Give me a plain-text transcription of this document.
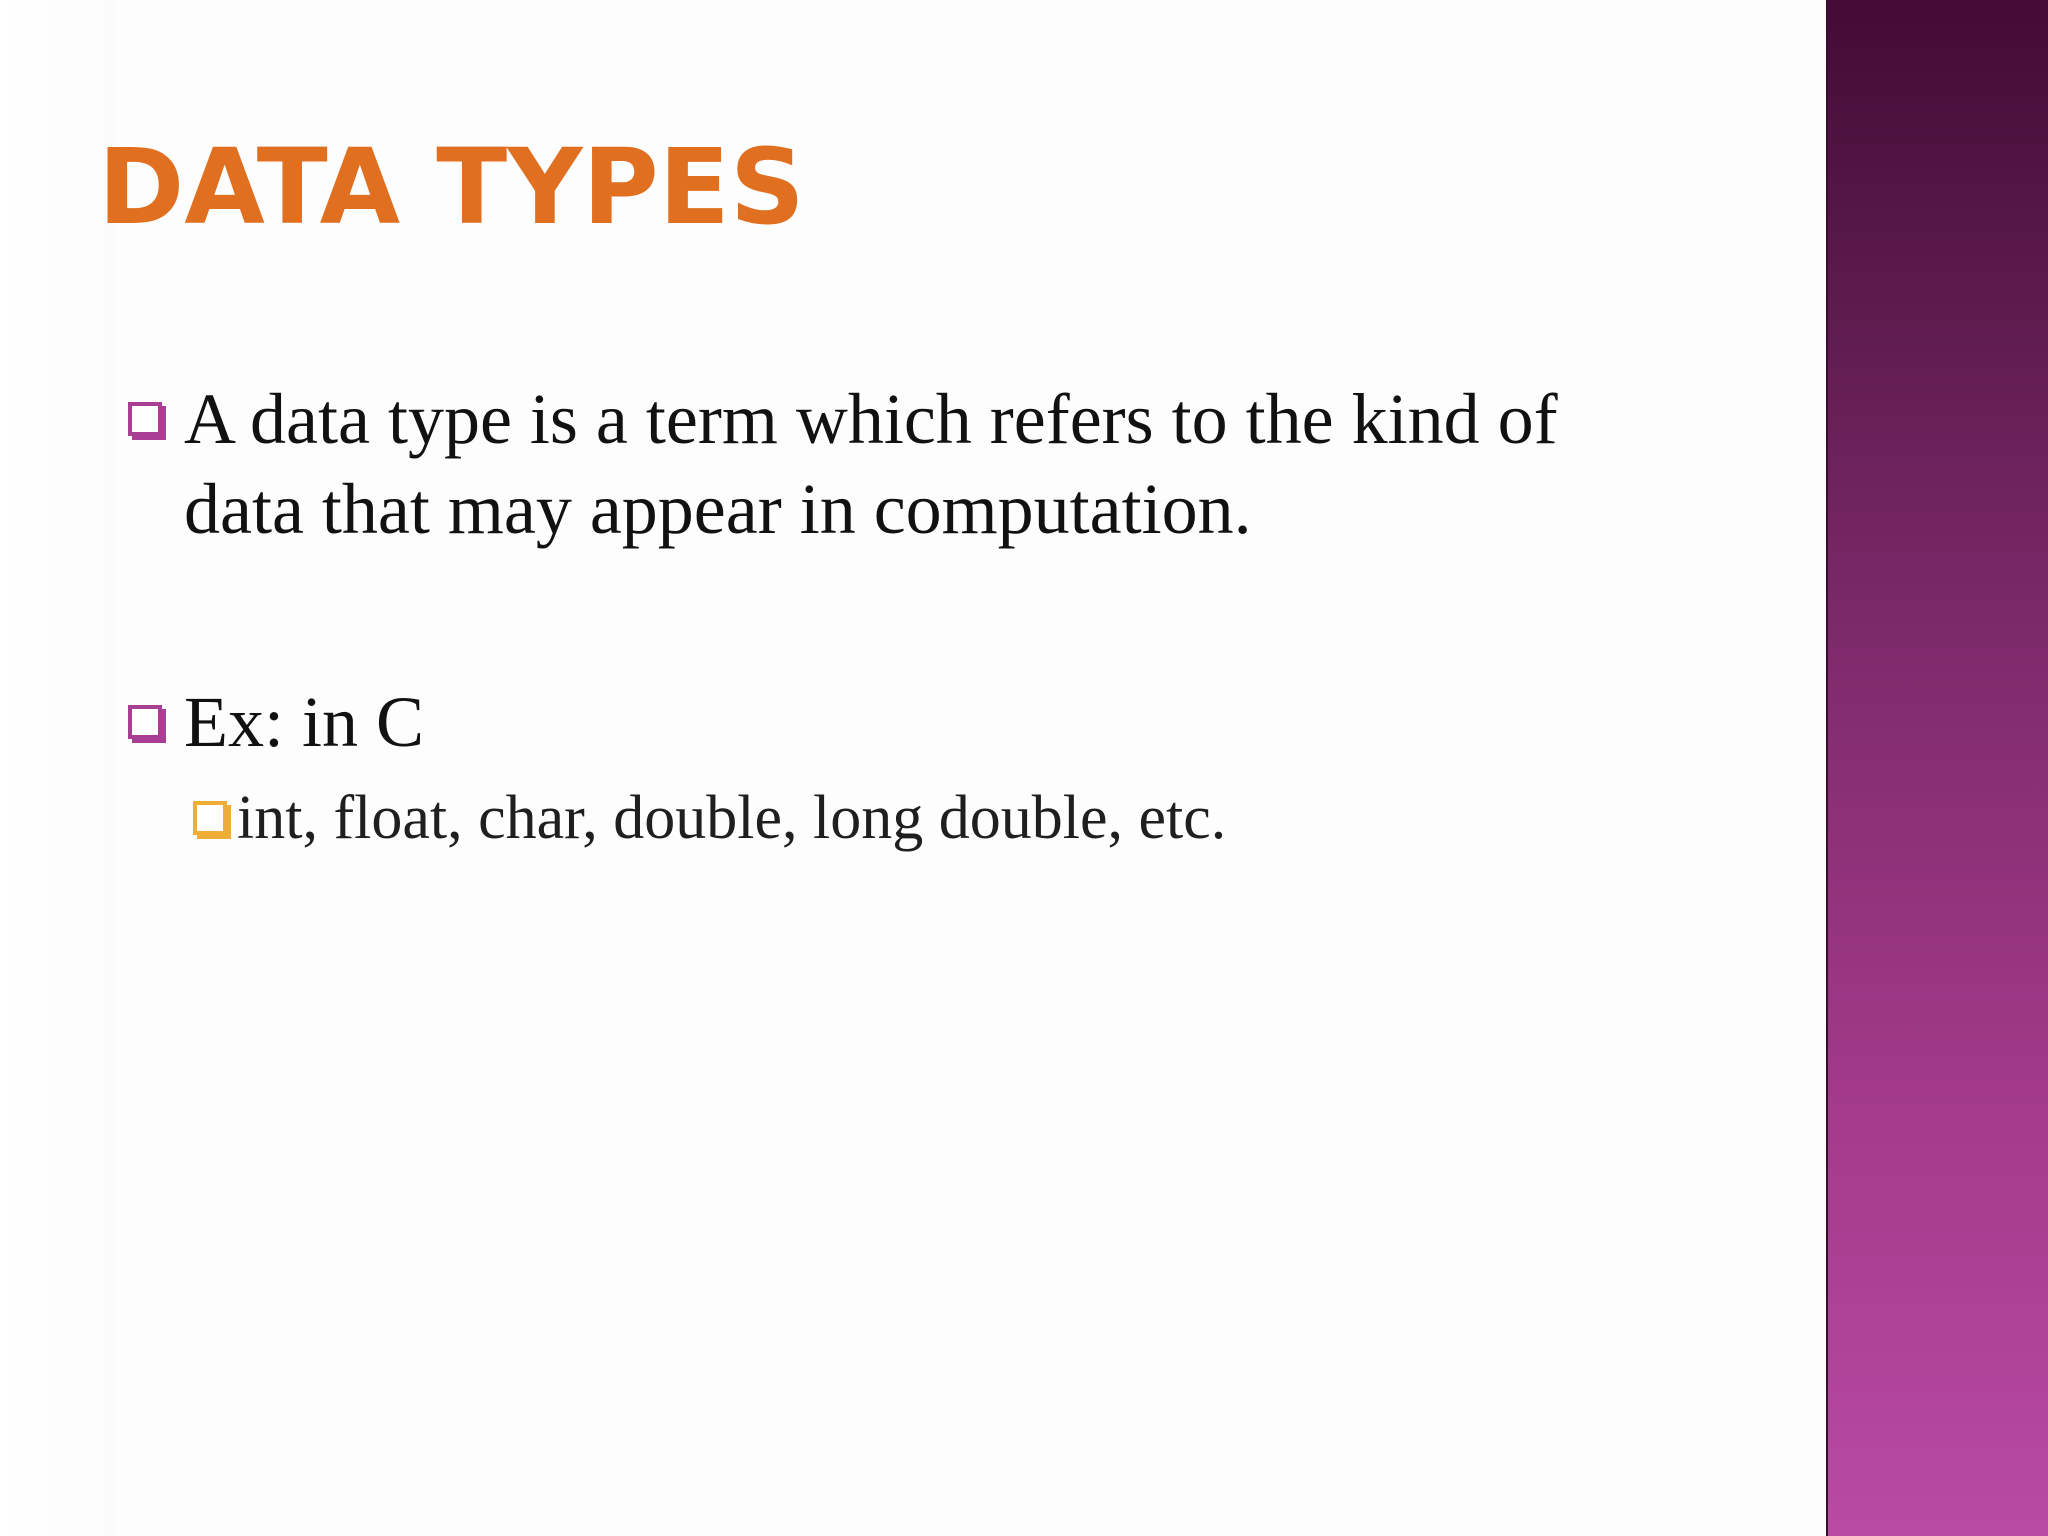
DATA TYPES
A data type is a term which refers to the kind of data that may appear in computation.
Ex: in C
int, float, char, double, long double, etc.
